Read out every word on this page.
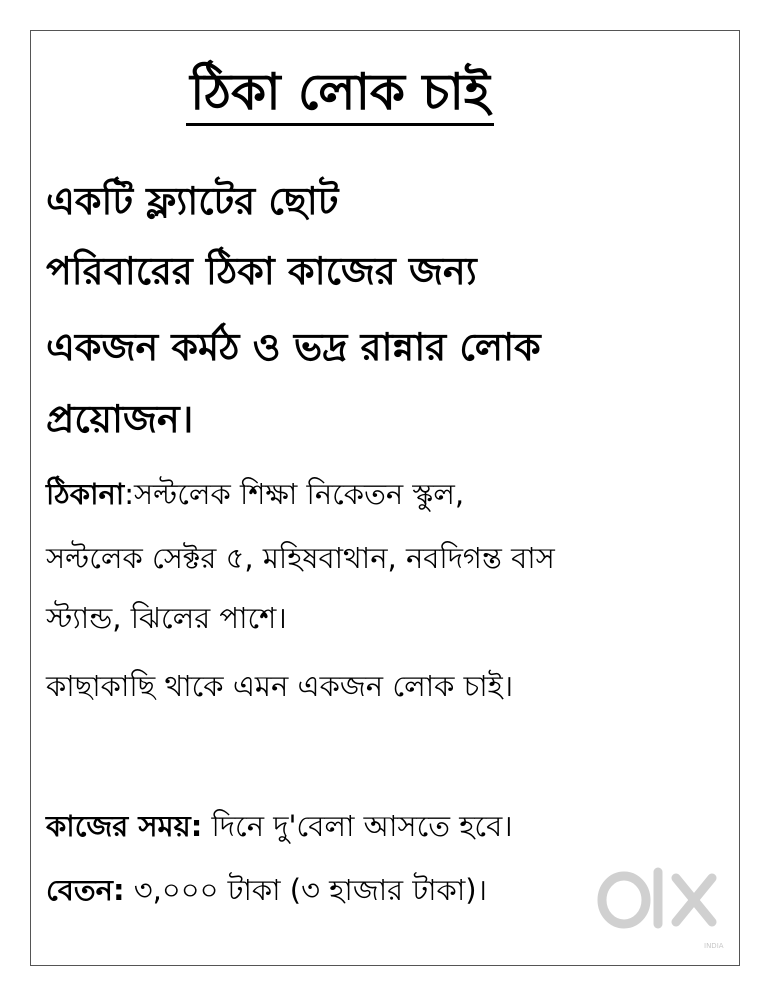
ঠিকা লোক চাই
একটি ফ্ল্যাটের ছোট
পরিবারের ঠিকা কাজের জন্য
একজন কর্মঠ ও ভদ্র রান্নার লোক
প্রয়োজন।
ঠিকানা:সল্টলেক শিক্ষা নিকেতন স্কুল,
সল্টলেক সেক্টর ৫, মহিষবাথান, নবদিগন্ত বাস
স্ট্যান্ড, ঝিলের পাশে।
কাছাকাছি থাকে এমন একজন লোক চাই।
কাজের সময়: দিনে দু'বেলা আসতে হবে।
বেতন: ৩,০০০ টাকা (৩ হাজার টাকা)।
INDIA
